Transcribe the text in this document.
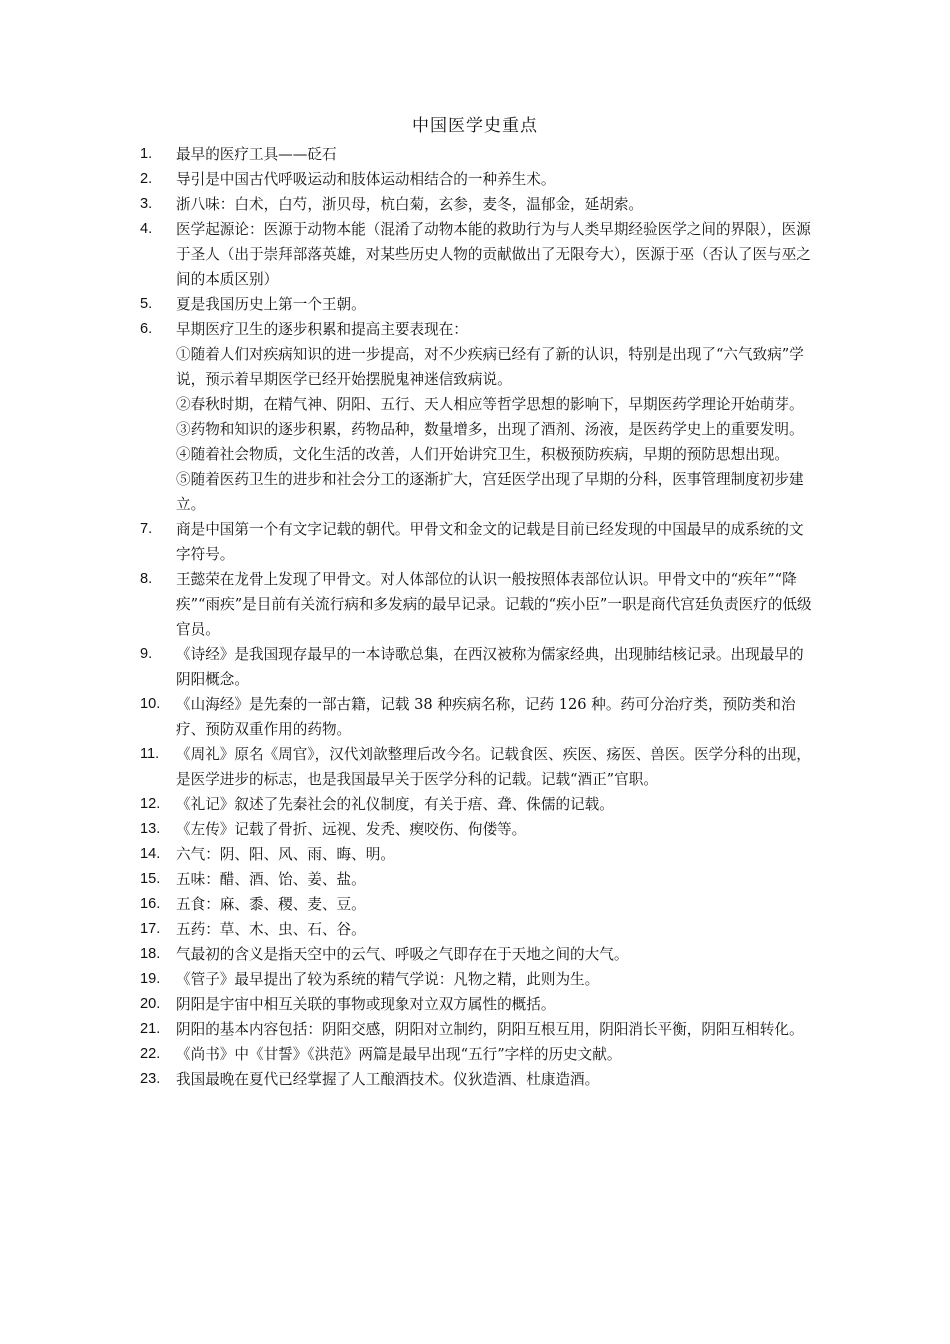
中国医学史重点
1.	最早的医疗工具——砭石
2.	导引是中国古代呼吸运动和肢体运动相结合的一种养生术。
3.	浙八味：白术，白芍，浙贝母，杭白菊，玄参，麦冬，温郁金，延胡索。
4.	医学起源论：医源于动物本能（混淆了动物本能的救助行为与人类早期经验医学之间的界限），医源于圣人（出于崇拜部落英雄，对某些历史人物的贡献做出了无限夸大），医源于巫（否认了医与巫之间的本质区别）
5.	夏是我国历史上第一个王朝。
6.	早期医疗卫生的逐步积累和提高主要表现在：
①随着人们对疾病知识的进一步提高，对不少疾病已经有了新的认识，特别是出现了“六气致病”学说，预示着早期医学已经开始摆脱鬼神迷信致病说。
②春秋时期，在精气神、阴阳、五行、天人相应等哲学思想的影响下，早期医药学理论开始萌芽。
③药物和知识的逐步积累，药物品种，数量增多，出现了酒剂、汤液，是医药学史上的重要发明。
④随着社会物质，文化生活的改善，人们开始讲究卫生，积极预防疾病，早期的预防思想出现。
⑤随着医药卫生的进步和社会分工的逐渐扩大，宫廷医学出现了早期的分科，医事管理制度初步建立。
7.	商是中国第一个有文字记载的朝代。甲骨文和金文的记载是目前已经发现的中国最早的成系统的文字符号。
8.	王懿荣在龙骨上发现了甲骨文。对人体部位的认识一般按照体表部位认识。甲骨文中的“疾年”“降疾”“雨疾”是目前有关流行病和多发病的最早记录。记载的“疾小臣”一职是商代宫廷负责医疗的低级官员。
9.	《诗经》是我国现存最早的一本诗歌总集，在西汉被称为儒家经典，出现肺结核记录。出现最早的阴阳概念。
10.	《山海经》是先秦的一部古籍，记载 38 种疾病名称，记药 126 种。药可分治疗类，预防类和治疗、预防双重作用的药物。
11.	《周礼》原名《周官》，汉代刘歆整理后改今名。记载食医、疾医、疡医、兽医。医学分科的出现，是医学进步的标志，也是我国最早关于医学分科的记载。记载“酒正”官职。
12.	《礼记》叙述了先秦社会的礼仪制度，有关于痦、聋、侏儒的记载。
13.	《左传》记载了骨折、远视、发秃、瘈咬伤、佝偻等。
14.	六气：阴、阳、风、雨、晦、明。
15.	五味：醋、酒、饴、姜、盐。
16.	五食：麻、黍、稷、麦、豆。
17.	五药：草、木、虫、石、谷。
18.	气最初的含义是指天空中的云气、呼吸之气即存在于天地之间的大气。
19.	《管子》最早提出了较为系统的精气学说：凡物之精，此则为生。
20.	阴阳是宇宙中相互关联的事物或现象对立双方属性的概括。
21.	阴阳的基本内容包括：阴阳交感，阴阳对立制约，阴阳互根互用，阴阳消长平衡，阴阳互相转化。
22.	《尚书》中《甘誓》《洪范》两篇是最早出现“五行”字样的历史文献。
23.	我国最晚在夏代已经掌握了人工酿酒技术。仪狄造酒、杜康造酒。
